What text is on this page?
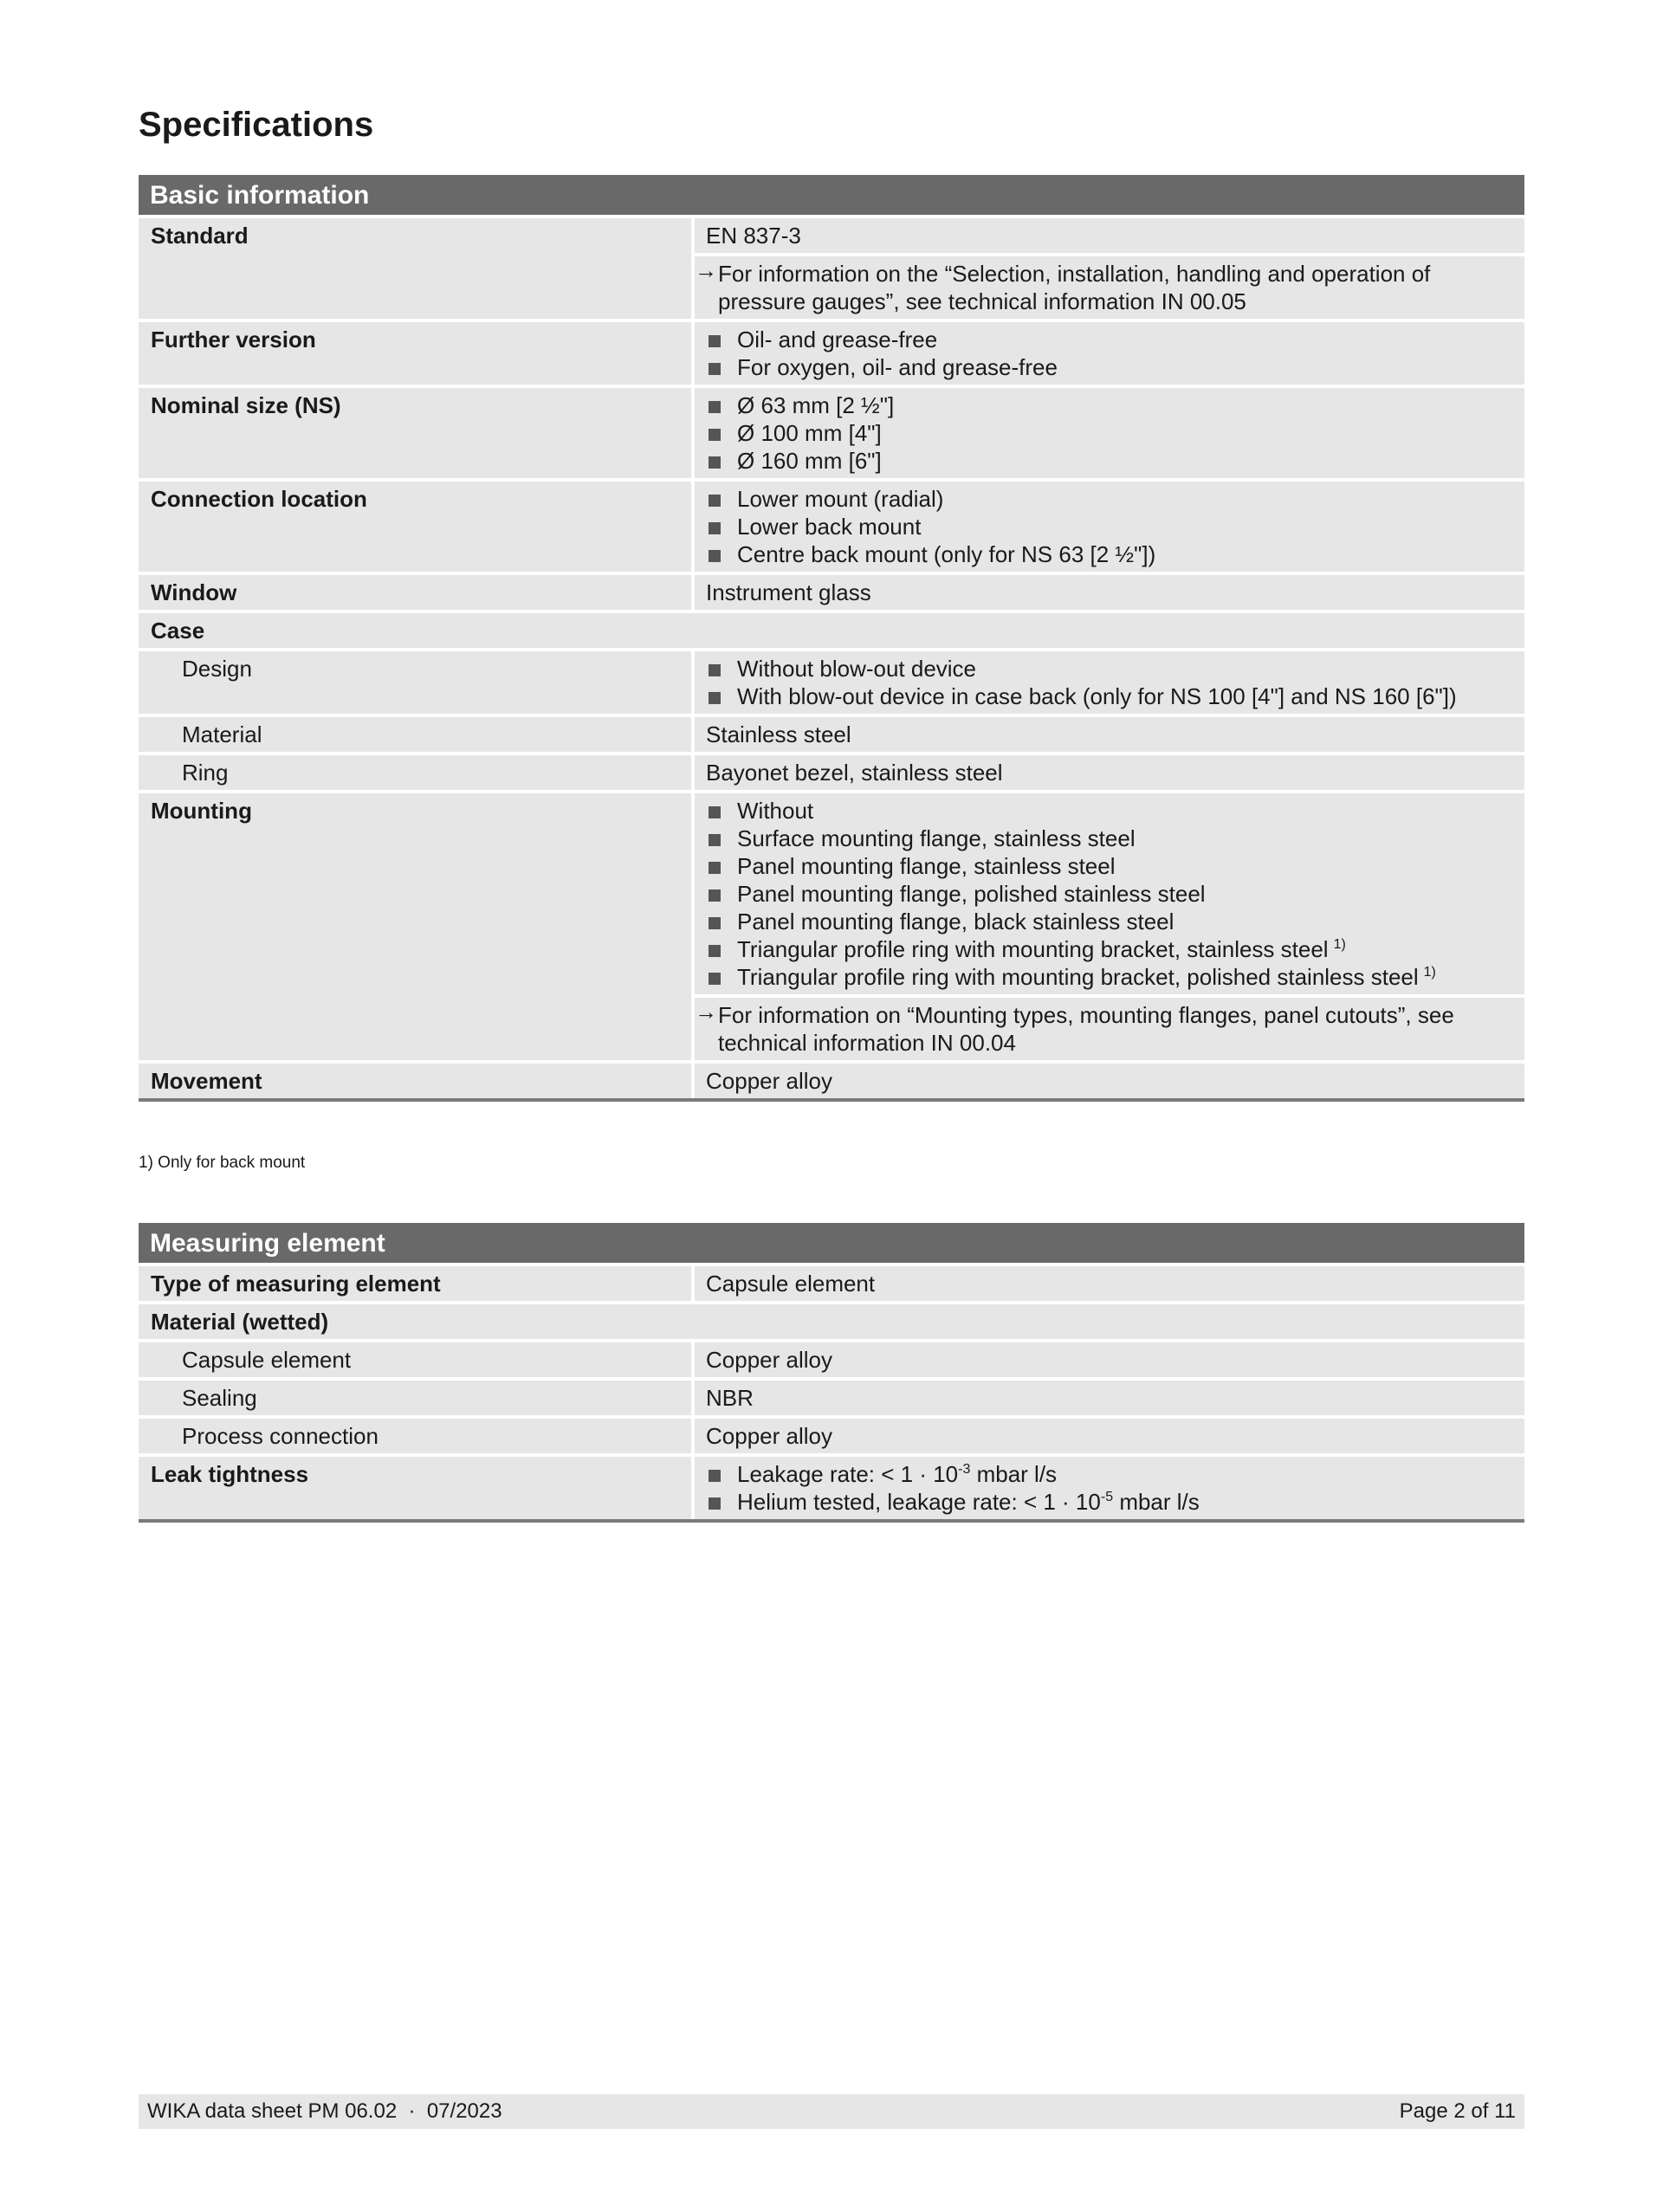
Specifications
Basic information
Standard	EN 837-3
→ For information on the “Selection, installation, handling and operation of pressure gauges”, see technical information IN 00.05
Further version	Oil- and grease-free
For oxygen, oil- and grease-free
Nominal size (NS)	Ø 63 mm [2 ½"]
Ø 100 mm [4"]
Ø 160 mm [6"]
Connection location	Lower mount (radial)
Lower back mount
Centre back mount (only for NS 63 [2 ½"])
Window	Instrument glass
Case
Design	Without blow-out device
With blow-out device in case back (only for NS 100 [4"] and NS 160 [6"])
Material	Stainless steel
Ring	Bayonet bezel, stainless steel
Mounting	Without
Surface mounting flange, stainless steel
Panel mounting flange, stainless steel
Panel mounting flange, polished stainless steel
Panel mounting flange, black stainless steel
Triangular profile ring with mounting bracket, stainless steel $^{1)}$
Triangular profile ring with mounting bracket, polished stainless steel $^{1)}$
→ For information on “Mounting types, mounting flanges, panel cutouts”, see technical information IN 00.04
Movement	Copper alloy
1) Only for back mount
Measuring element
Type of measuring element	Capsule element
Material (wetted)
Capsule element	Copper alloy
Sealing	NBR
Process connection	Copper alloy
Leak tightness	Leakage rate: < $1 \cdot 10^{-3}$ mbar l/s
Helium tested, leakage rate: < $1 \cdot 10^{-5}$ mbar l/s
WIKA data sheet PM 06.02  ·  07/2023	Page 2 of 11
